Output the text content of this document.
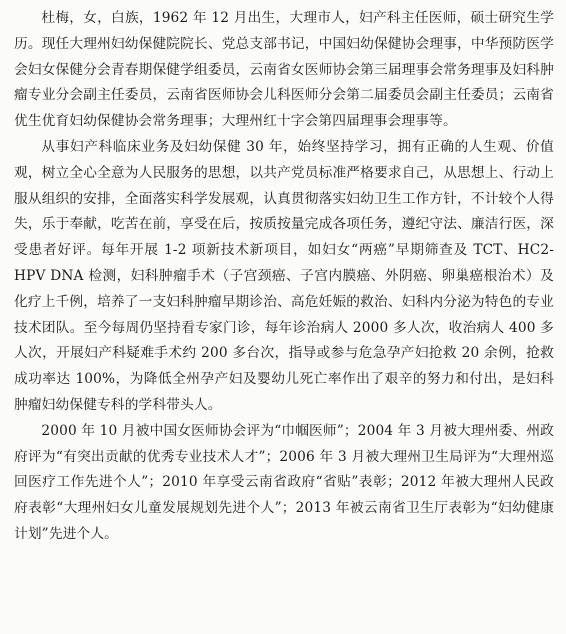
杜梅，女，白族，1962 年 12 月出生，大理市人，妇产科主任医师，硕士研究生学历。现任大理州妇幼保健院院长、党总支部书记，中国妇幼保健协会理事，中华预防医学会妇女保健分会青春期保健学组委员，云南省女医师协会第三届理事会常务理事及妇科肿瘤专业分会副主任委员，云南省医师协会儿科医师分会第二届委员会副主任委员；云南省优生优育妇幼保健协会常务理事；大理州红十字会第四届理事会理事等。

从事妇产科临床业务及妇幼保健 30 年，始终坚持学习，拥有正确的人生观、价值观，树立全心全意为人民服务的思想，以共产党员标准严格要求自己，从思想上、行动上服从组织的安排，全面落实科学发展观，认真贯彻落实妇幼卫生工作方针，不计较个人得失，乐于奉献，吃苦在前，享受在后，按质按量完成各项任务，遵纪守法、廉洁行医，深受患者好评。每年开展 1-2 项新技术新项目，如妇女“两癌”早期筛查及 TCT、HC2-HPV DNA 检测，妇科肿瘤手术（子宫颈癌、子宫内膜癌、外阴癌、卵巢癌根治术）及化疗上千例，培养了一支妇科肿瘤早期诊治、高危妊娠的救治、妇科内分泌为特色的专业技术团队。至今每周仍坚持看专家门诊，每年诊治病人 2000 多人次，收治病人 400 多人次，开展妇产科疑难手术约 200 多台次，指导或参与危急孕产妇抢救 20 余例，抢救成功率达 100%，为降低全州孕产妇及婴幼儿死亡率作出了艰辛的努力和付出，是妇科肿瘤妇幼保健专科的学科带头人。

2000 年 10 月被中国女医师协会评为“巾帼医师”；2004 年 3 月被大理州委、州政府评为“有突出贡献的优秀专业技术人才”；2006 年 3 月被大理州卫生局评为“大理州巡回医疗工作先进个人”；2010 年享受云南省政府“省贴”表彰；2012 年被大理州人民政府表彰“大理州妇女儿童发展规划先进个人”；2013 年被云南省卫生厅表彰为“妇幼健康计划”先进个人。
